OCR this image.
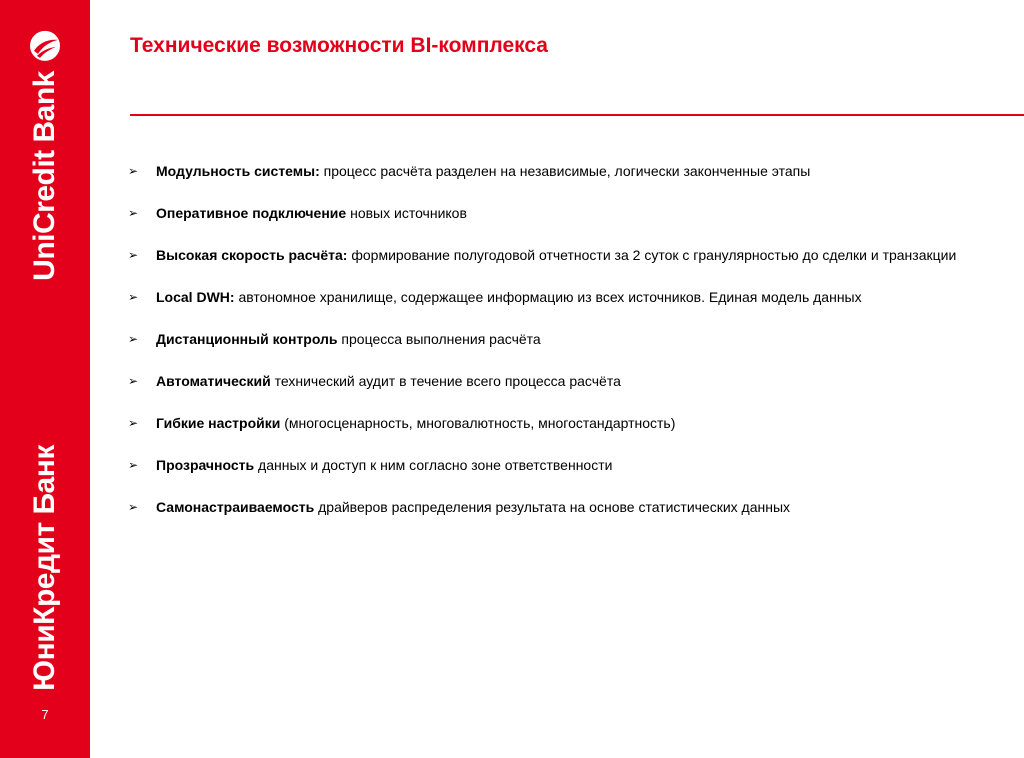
UniCredit Bank
ЮниКредит Банк
7
Технические возможности BI-комплекса
➢ Модульность системы: процесс расчёта разделен на независимые, логически законченные этапы
➢ Оперативное подключение новых источников
➢ Высокая скорость расчёта: формирование полугодовой отчетности за 2 суток с гранулярностью до сделки и транзакции
➢ Local DWH: автономное хранилище, содержащее информацию из всех источников. Единая модель данных
➢ Дистанционный контроль процесса выполнения расчёта
➢ Автоматический технический аудит в течение всего процесса расчёта
➢ Гибкие настройки (многосценарность, многовалютность, многостандартность)
➢ Прозрачность данных и доступ к ним согласно зоне ответственности
➢ Самонастраиваемость драйверов распределения результата на основе статистических данных
